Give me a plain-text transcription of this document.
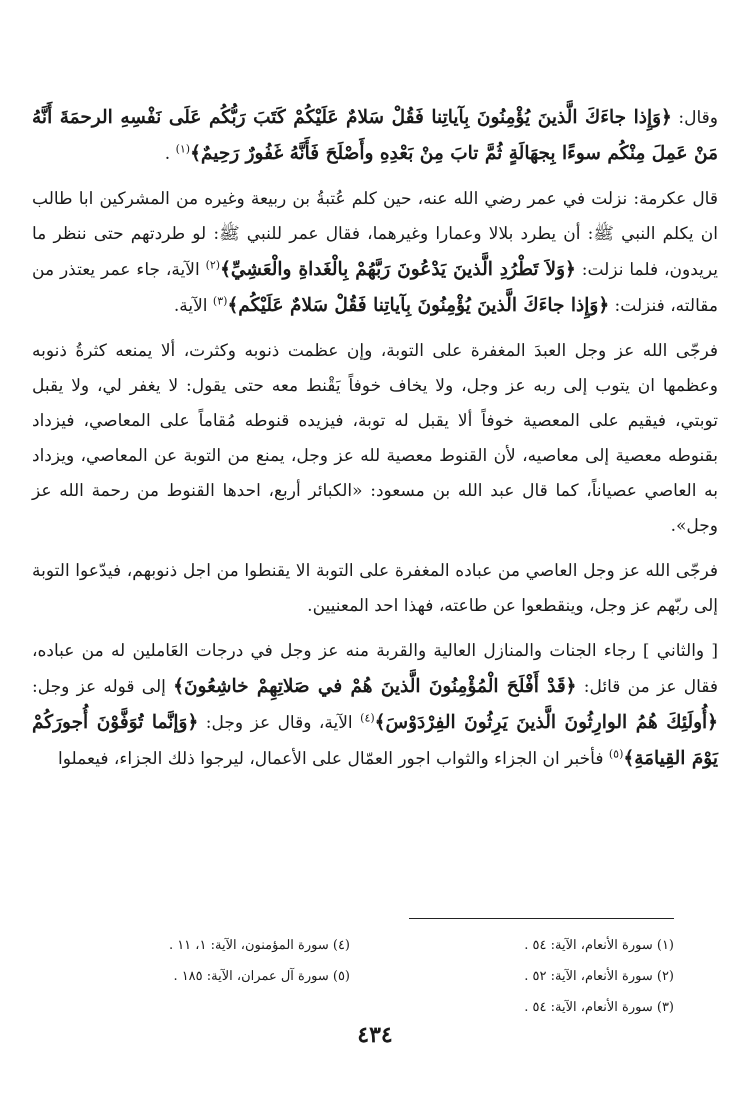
وقال: ﴿وَإِذا جاءَكَ الَّذينَ يُؤْمِنُونَ بِآياتِنا فَقُلْ سَلامٌ عَلَيْكُمْ كَتَبَ رَبُّكُم عَلَى نَفْسِهِ الرحمَةَ أَنَّهُ مَنْ عَمِلَ مِنْكُم سوءًا بِجهَالَةٍ ثُمَّ تابَ مِنْ بَعْدِهِ وأَصْلَحَ فَأَنَّهُ غَفُورٌ رَحِيمٌ﴾$^{(١)}$ .

قال عكرمة: نزلت في عمر رضي الله عنه، حين كلم عُتبةُ بن ربيعة وغيره من المشركين ابا طالب ان يكلم النبي ﷺ: أن يطرد بلالا وعمارا وغيرهما، فقال عمر للنبي ﷺ: لو طردتهم حتى ننظر ما يريدون، فلما نزلت: ﴿وَلاَ تَطْرُدِ الَّذينَ يَدْعُونَ رَبَّهُمْ بِالْغَداةِ والْعَشِيِّ﴾$^{(٢)}$ الآية، جاء عمر يعتذر من مقالته، فنزلت: ﴿وَإِذا جاءَكَ الَّذينَ يُؤْمِنُونَ بِآياتِنا فَقُلْ سَلامٌ عَلَيْكُم﴾$^{(٣)}$ الآية.

فرجّى الله عز وجل العبدَ المغفرة على التوبة، وإن عظمت ذنوبه وكثرت، ألا يمنعه كثرةُ ذنوبه وعظمها ان يتوب إلى ربه عز وجل، ولا يخاف خوفاً يَقْنط معه حتى يقول: لا يغفر لي، ولا يقبل توبتي، فيقيم على المعصية خوفاً ألا يقبل له توبة، فيزيده قنوطه مُقاماً على المعاصي، فيزداد بقنوطه معصية إلى معاصيه، لأن القنوط معصية لله عز وجل، يمنع من التوبة عن المعاصي، ويزداد به العاصي عصياناً، كما قال عبد الله بن مسعود: «الكبائر أربع، احدها القنوط من رحمة الله عز وجل».

فرجّى الله عز وجل العاصي من عباده المغفرة على التوبة الا يقنطوا من اجل ذنوبهم، فيدّعوا التوبة إلى ربّهم عز وجل، وينقطعوا عن طاعته، فهذا احد المعنيين.

[ والثاني ] رجاء الجنات والمنازل العالية والقربة منه عز وجل في درجات العَاملين له من عباده، فقال عز من قائل: ﴿قَدْ أَفْلَحَ الْمُؤْمِنُونَ الَّذينَ هُمْ في صَلاتِهِمْ خاشِعُونَ﴾ إلى قوله عز وجل: ﴿أُولَئِكَ هُمُ الوارِثُونَ الَّذينَ يَرِثُونَ الفِرْدَوْسَ﴾$^{(٤)}$ الآية، وقال عز وجل: ﴿وَإنَّما تُوَفَّوْنَ أُجورَكُمْ يَوْمَ القِيامَةِ﴾$^{(٥)}$ فأخبر ان الجزاء والثواب اجور العمّال على الأعمال، ليرجوا ذلك الجزاء، فيعملوا

(١) سورة الأنعام، الآية: ٥٤ .
(٢) سورة الأنعام، الآية: ٥٢ .
(٣) سورة الأنعام، الآية: ٥٤ .
(٤) سورة المؤمنون، الآية: ١، ١١ .
(٥) سورة آل عمران، الآية: ١٨٥ .
٤٣٤
